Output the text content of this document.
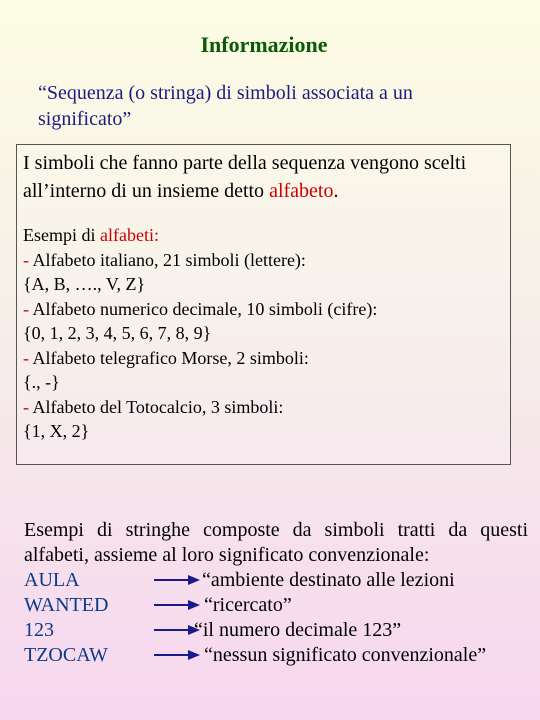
Informazione
“Sequenza (o stringa) di simboli associata a un significato”
I simboli che fanno parte della sequenza vengono scelti all’interno di un insieme detto alfabeto.
Esempi di alfabeti:
- Alfabeto italiano, 21 simboli (lettere):
{A, B, …., V, Z}
- Alfabeto numerico decimale, 10 simboli (cifre):
{0, 1, 2, 3, 4, 5, 6, 7, 8, 9}
- Alfabeto telegrafico Morse, 2 simboli:
{., -}
- Alfabeto del Totocalcio, 3 simboli:
{1, X, 2}
Esempi di stringhe composte da simboli tratti da questi
alfabeti, assieme al loro significato convenzionale:
AULA	“ambiente destinato alle lezioni
WANTED	“ricercato”
123	“il numero decimale 123”
TZOCAW	“nessun significato convenzionale”
